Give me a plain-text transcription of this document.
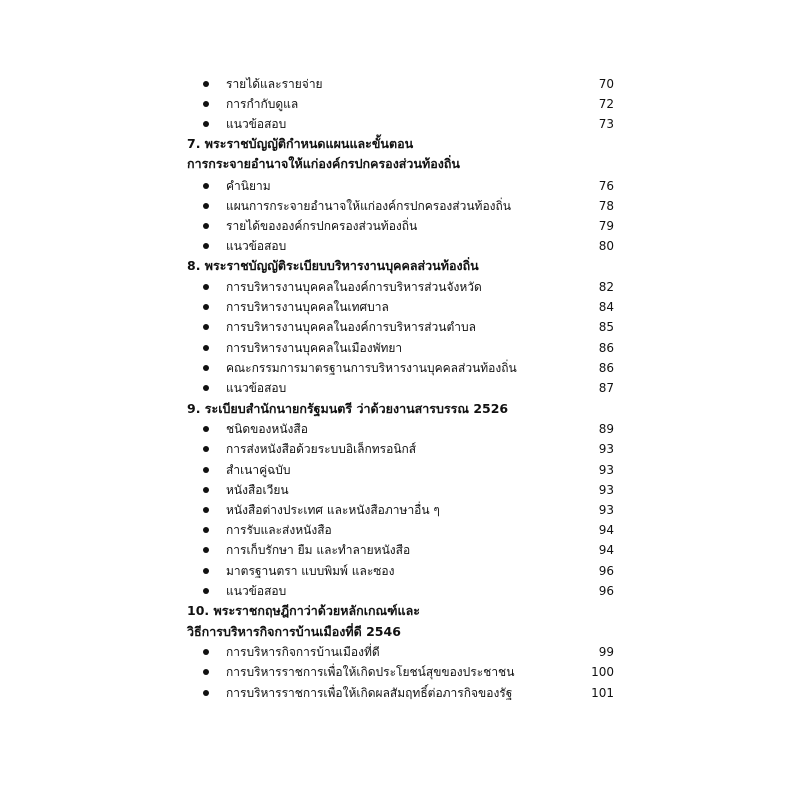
รายได้และรายจ่าย	70
การกำกับดูแล	72
แนวข้อสอบ	73
7. พระราชบัญญัติกำหนดแผนและขั้นตอน
การกระจายอำนาจให้แก่องค์กรปกครองส่วนท้องถิ่น
คำนิยาม	76
แผนการกระจายอำนาจให้แก่องค์กรปกครองส่วนท้องถิ่น	78
รายได้ขององค์กรปกครองส่วนท้องถิ่น	79
แนวข้อสอบ	80
8. พระราชบัญญัติระเบียบบริหารงานบุคคลส่วนท้องถิ่น
การบริหารงานบุคคลในองค์การบริหารส่วนจังหวัด	82
การบริหารงานบุคคลในเทศบาล	84
การบริหารงานบุคคลในองค์การบริหารส่วนตำบล	85
การบริหารงานบุคคลในเมืองพัทยา	86
คณะกรรมการมาตรฐานการบริหารงานบุคคลส่วนท้องถิ่น	86
แนวข้อสอบ	87
9. ระเบียบสำนักนายกรัฐมนตรี ว่าด้วยงานสารบรรณ 2526
ชนิดของหนังสือ	89
การส่งหนังสือด้วยระบบอิเล็กทรอนิกส์	93
สำเนาคู่ฉบับ	93
หนังสือเวียน	93
หนังสือต่างประเทศ และหนังสือภาษาอื่น ๆ	93
การรับและส่งหนังสือ	94
การเก็บรักษา ยืม และทำลายหนังสือ	94
มาตรฐานตรา แบบพิมพ์ และซอง	96
แนวข้อสอบ	96
10. พระราชกฤษฎีกาว่าด้วยหลักเกณฑ์และ
วิธีการบริหารกิจการบ้านเมืองที่ดี 2546
การบริหารกิจการบ้านเมืองที่ดี	99
การบริหารราชการเพื่อให้เกิดประโยชน์สุขของประชาชน	100
การบริหารราชการเพื่อให้เกิดผลสัมฤทธิ์ต่อภารกิจของรัฐ	101
